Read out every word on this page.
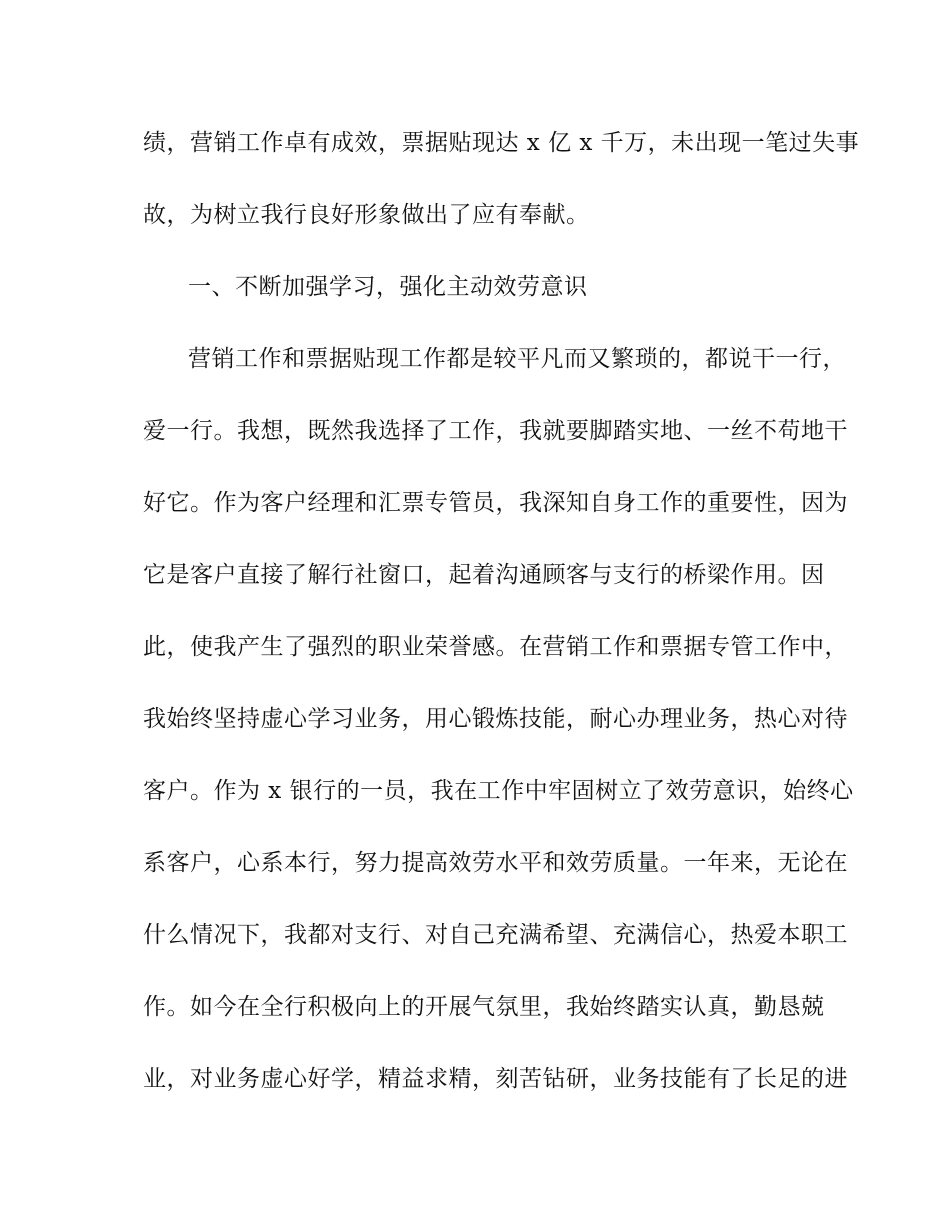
绩，营销工作卓有成效，票据贴现达 x 亿 x 千万，未出现一笔过失事
故，为树立我行良好形象做出了应有奉献。
一、不断加强学习，强化主动效劳意识
营销工作和票据贴现工作都是较平凡而又繁琐的，都说干一行，
爱一行。我想，既然我选择了工作，我就要脚踏实地、一丝不苟地干
好它。作为客户经理和汇票专管员，我深知自身工作的重要性，因为
它是客户直接了解行社窗口，起着沟通顾客与支行的桥梁作用。因
此，使我产生了强烈的职业荣誉感。在营销工作和票据专管工作中，
我始终坚持虚心学习业务，用心锻炼技能，耐心办理业务，热心对待
客户。作为 x 银行的一员，我在工作中牢固树立了效劳意识，始终心
系客户，心系本行，努力提高效劳水平和效劳质量。一年来，无论在
什么情况下，我都对支行、对自己充满希望、充满信心，热爱本职工
作。如今在全行积极向上的开展气氛里，我始终踏实认真，勤恳兢
业，对业务虚心好学，精益求精，刻苦钻研，业务技能有了长足的进
